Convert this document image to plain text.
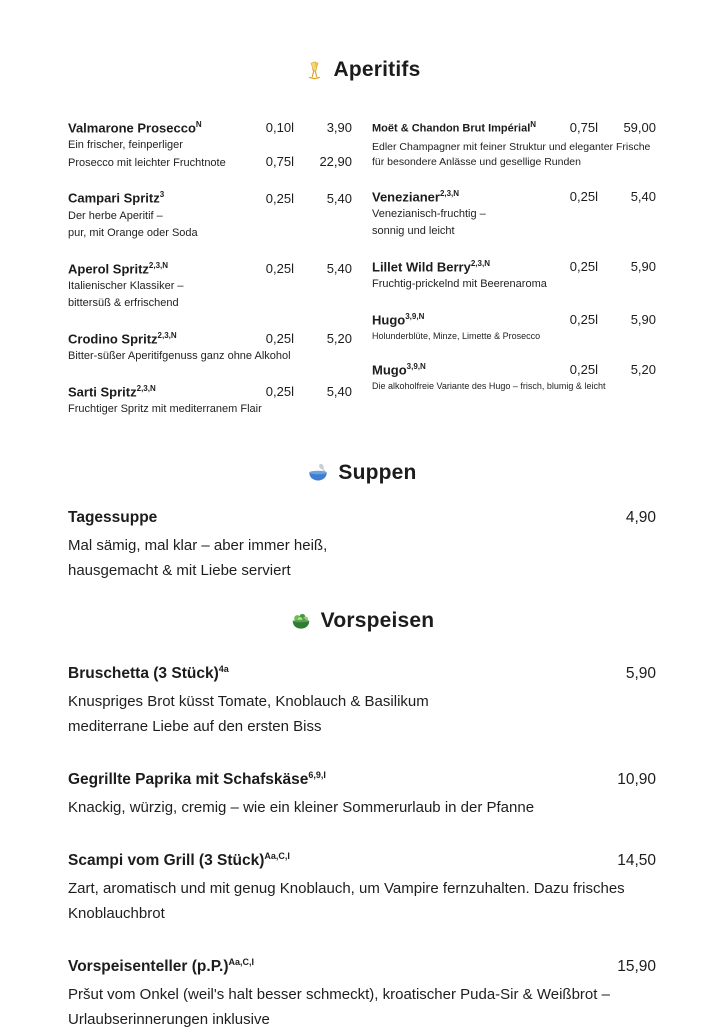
Aperitifs
Valmarone Prosecco$^N$	0,10l	3,90
Ein frischer, feinperliger
Prosecco mit leichter Fruchtnote	0,75l	22,90
Campari Spritz$^3$	0,25l	5,40
Der herbe Aperitif –
pur, mit Orange oder Soda
Aperol Spritz$^{2,3,N}$	0,25l	5,40
Italienischer Klassiker –
bittersüß & erfrischend
Crodino Spritz$^{2,3,N}$	0,25l	5,20
Bitter-süßer Aperitifgenuss ganz ohne Alkohol
Sarti Spritz$^{2,3,N}$	0,25l	5,40
Fruchtiger Spritz mit mediterranem Flair
Moët & Chandon Brut Impérial$^N$	0,75l	59,00
Edler Champagner mit feiner Struktur und eleganter Frische für besondere Anlässe und gesellige Runden
Venezianer$^{2,3,N}$	0,25l	5,40
Venezianisch-fruchtig –
sonnig und leicht
Lillet Wild Berry$^{2,3,N}$	0,25l	5,90
Fruchtig-prickelnd mit Beerenaroma
Hugo$^{3,9,N}$	0,25l	5,90
Holunderblüte, Minze, Limette & Prosecco
Mugo$^{3,9,N}$	0,25l	5,20
Die alkoholfreie Variante des Hugo – frisch, blumig & leicht
Suppen
Tagessuppe	4,90
Mal sämig, mal klar – aber immer heiß,
hausgemacht & mit Liebe serviert
Vorspeisen
Bruschetta (3 Stück)$^{4a}$	5,90
Knuspriges Brot küsst Tomate, Knoblauch & Basilikum
mediterrane Liebe auf den ersten Biss
Gegrillte Paprika mit Schafskäse$^{6,9,I}$	10,90
Knackig, würzig, cremig – wie ein kleiner Sommerurlaub in der Pfanne
Scampi vom Grill (3 Stück)$^{Aa,C,I}$	14,50
Zart, aromatisch und mit genug Knoblauch, um Vampire fernzuhalten. Dazu frisches
Knoblauchbrot
Vorspeisenteller $(p.P.)^{Aa,C,I}$	15,90
Pršut vom Onkel (weil's halt besser schmeckt), kroatischer Puda-Sir & Weißbrot –
Urlaubserinnerungen inklusive
